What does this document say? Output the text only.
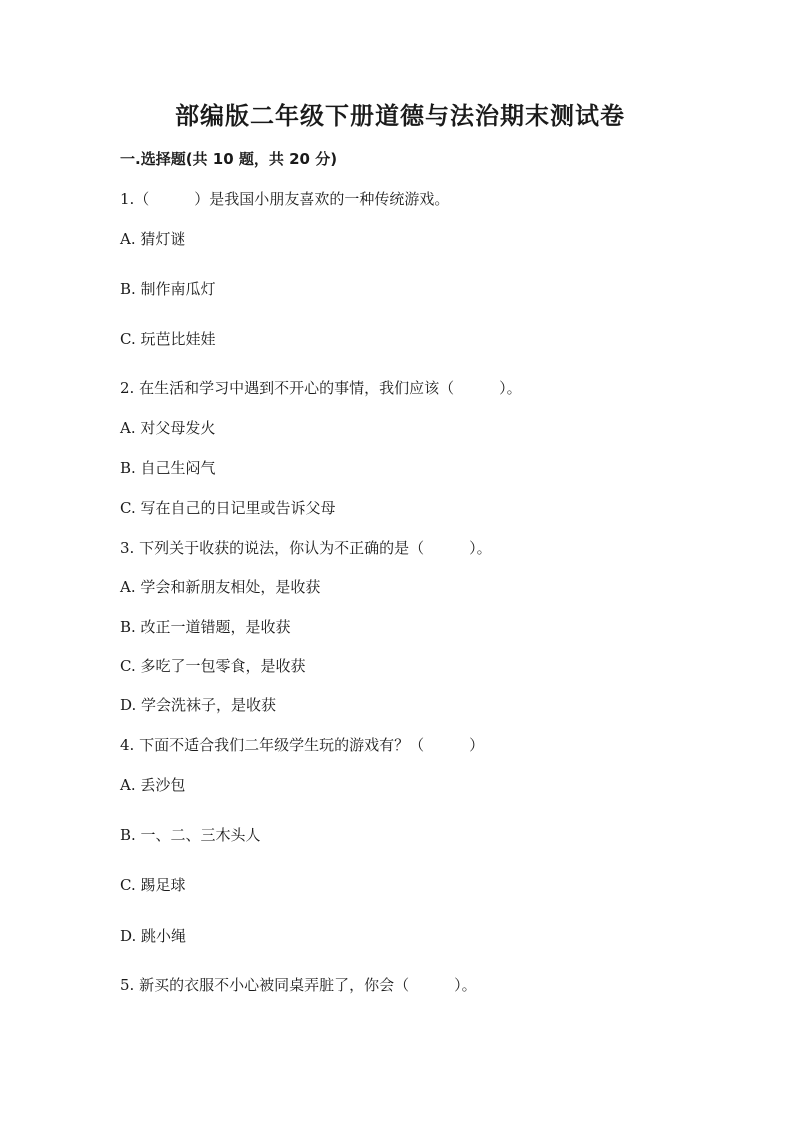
部编版二年级下册道德与法治期末测试卷
一.选择题(共 10 题，共 20 分)
1.（　　　）是我国小朋友喜欢的一种传统游戏。
A. 猜灯谜
B. 制作南瓜灯
C. 玩芭比娃娃
2. 在生活和学习中遇到不开心的事情，我们应该（　　　）。
A. 对父母发火
B. 自己生闷气
C. 写在自己的日记里或告诉父母
3. 下列关于收获的说法，你认为不正确的是（　　　）。
A. 学会和新朋友相处，是收获
B. 改正一道错题，是收获
C. 多吃了一包零食，是收获
D. 学会洗袜子，是收获
4. 下面不适合我们二年级学生玩的游戏有？（　　　）
A. 丢沙包
B. 一、二、三木头人
C. 踢足球
D. 跳小绳
5. 新买的衣服不小心被同桌弄脏了，你会（　　　）。
